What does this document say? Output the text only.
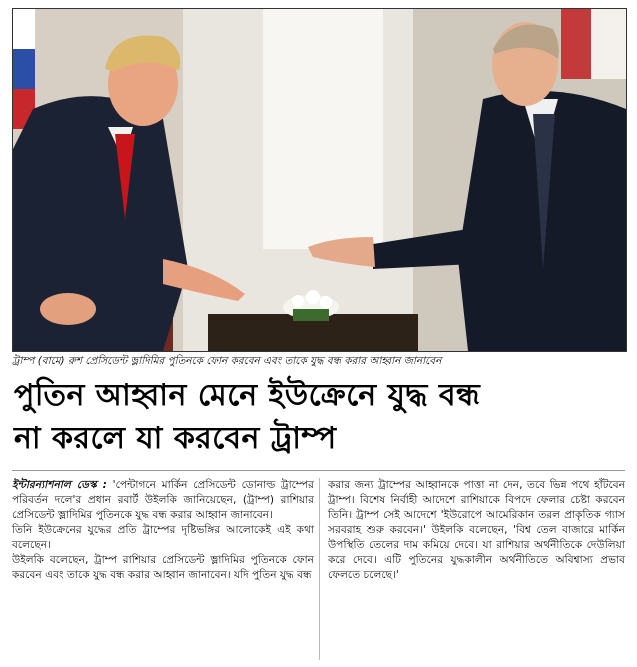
ট্রাম্প (বামে) রুশ প্রেসিডেন্ট ভ্লাদিমির পুতিনকে ফোন করবেন এবং তাকে যুদ্ধ বন্ধ করার আহ্বান জানাবেন
পুতিন আহ্বান মেনে ইউক্রেনে যুদ্ধ বন্ধ
না করলে যা করবেন ট্রাম্প

ইন্টারন্যাশনাল ডেস্ক : 'পেন্টাগনে মার্কিন প্রেসিডেন্ট ডোনাল্ড ট্রাম্পের পরিবর্তন দলে'র প্রধান রবার্ট উইলকি জানিয়েছেন, (ট্রাম্প) রাশিয়ার প্রেসিডেন্ট ভ্লাদিমির পুতিনকে যুদ্ধ বন্ধ করার আহ্বান জানাবেন।

তিনি ইউক্রেনের যুদ্ধের প্রতি ট্রাম্পের দৃষ্টিভঙ্গির আলোকেই এই কথা বলেছেন।

উইলকি বলেছেন, ট্রাম্প রাশিয়ার প্রেসিডেন্ট ভ্লাদিমির পুতিনকে ফোন করবেন এবং তাকে যুদ্ধ বন্ধ করার আহ্বান জানাবেন। যদি পুতিন যুদ্ধ বন্ধ

করার জন্য ট্রাম্পের আহ্বানকে পাত্তা না দেন, তবে ভিন্ন পথে হাঁটবেন ট্রাম্প। বিশেষ নির্বাহী আদেশে রাশিয়াকে বিপদে ফেলার চেষ্টা করবেন তিনি। ট্রাম্প সেই আদেশে 'ইউরোপে আমেরিকান তরল প্রাকৃতিক গ্যাস সরবরাহ শুরু করবেন।' উইলকি বলেছেন, 'বিশ্ব তেল বাজারে মার্কিন উপস্থিতি তেলের দাম কমিয়ে দেবে। যা রাশিয়ার অর্থনীতিকে দেউলিয়া করে দেবে। এটি পুতিনের যুদ্ধকালীন অর্থনীতিতে অবিশ্বাস্য প্রভাব ফেলতে চলেছে।'
